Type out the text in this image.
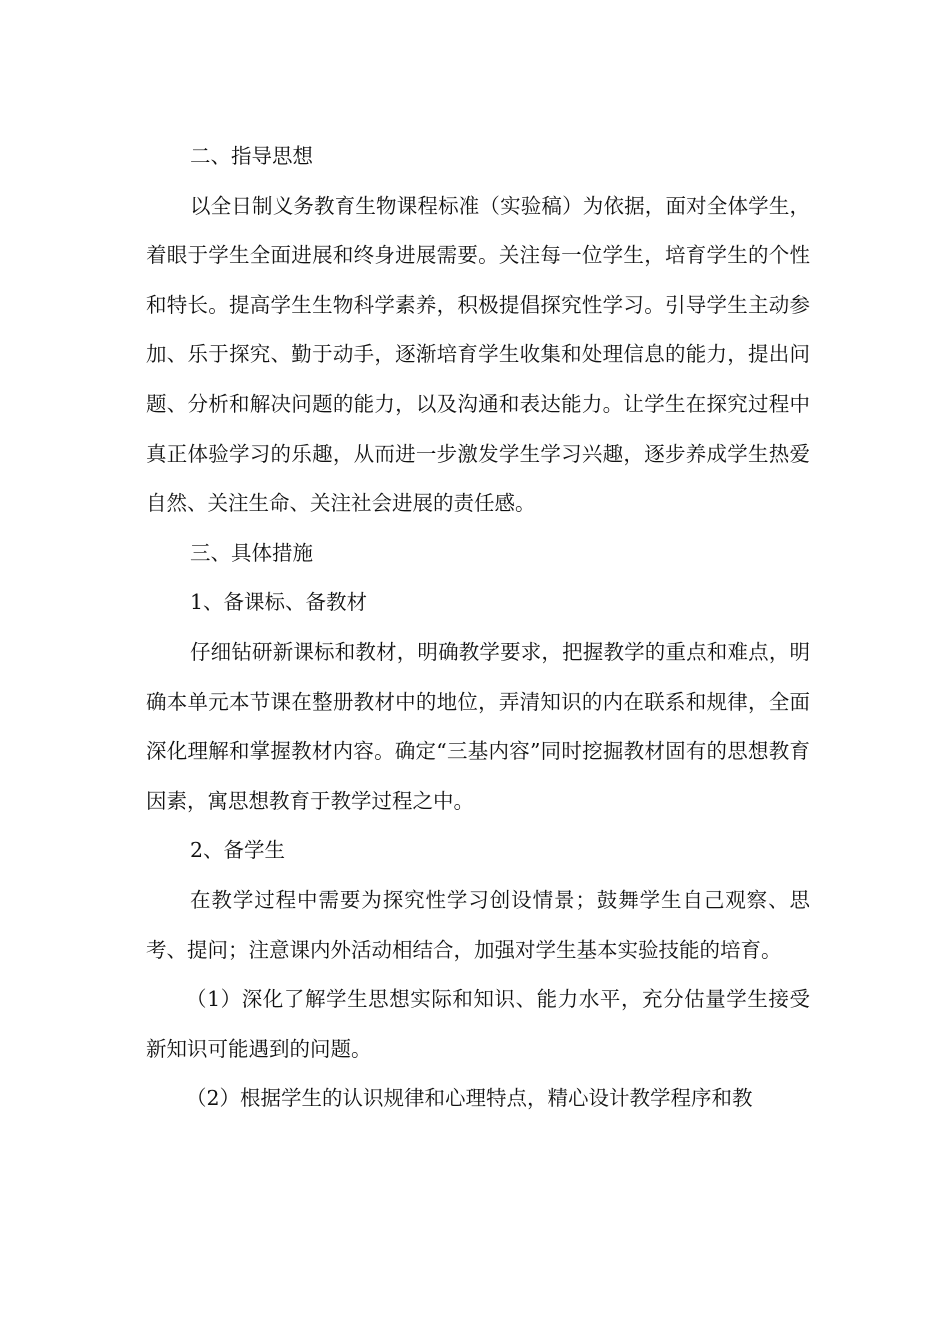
二、指导思想

以全日制义务教育生物课程标准（实验稿）为依据，面对全体学生，着眼于学生全面进展和终身进展需要。关注每一位学生，培育学生的个性和特长。提高学生生物科学素养，积极提倡探究性学习。引导学生主动参加、乐于探究、勤于动手，逐渐培育学生收集和处理信息的能力，提出问题、分析和解决问题的能力，以及沟通和表达能力。让学生在探究过程中真正体验学习的乐趣，从而进一步激发学生学习兴趣，逐步养成学生热爱自然、关注生命、关注社会进展的责任感。

三、具体措施

1、备课标、备教材

仔细钻研新课标和教材，明确教学要求，把握教学的重点和难点，明确本单元本节课在整册教材中的地位，弄清知识的内在联系和规律，全面深化理解和掌握教材内容。确定“三基内容”同时挖掘教材固有的思想教育因素，寓思想教育于教学过程之中。

2、备学生

在教学过程中需要为探究性学习创设情景；鼓舞学生自己观察、思考、提问；注意课内外活动相结合，加强对学生基本实验技能的培育。

（1）深化了解学生思想实际和知识、能力水平，充分估量学生接受新知识可能遇到的问题。

（2）根据学生的认识规律和心理特点，精心设计教学程序和教
